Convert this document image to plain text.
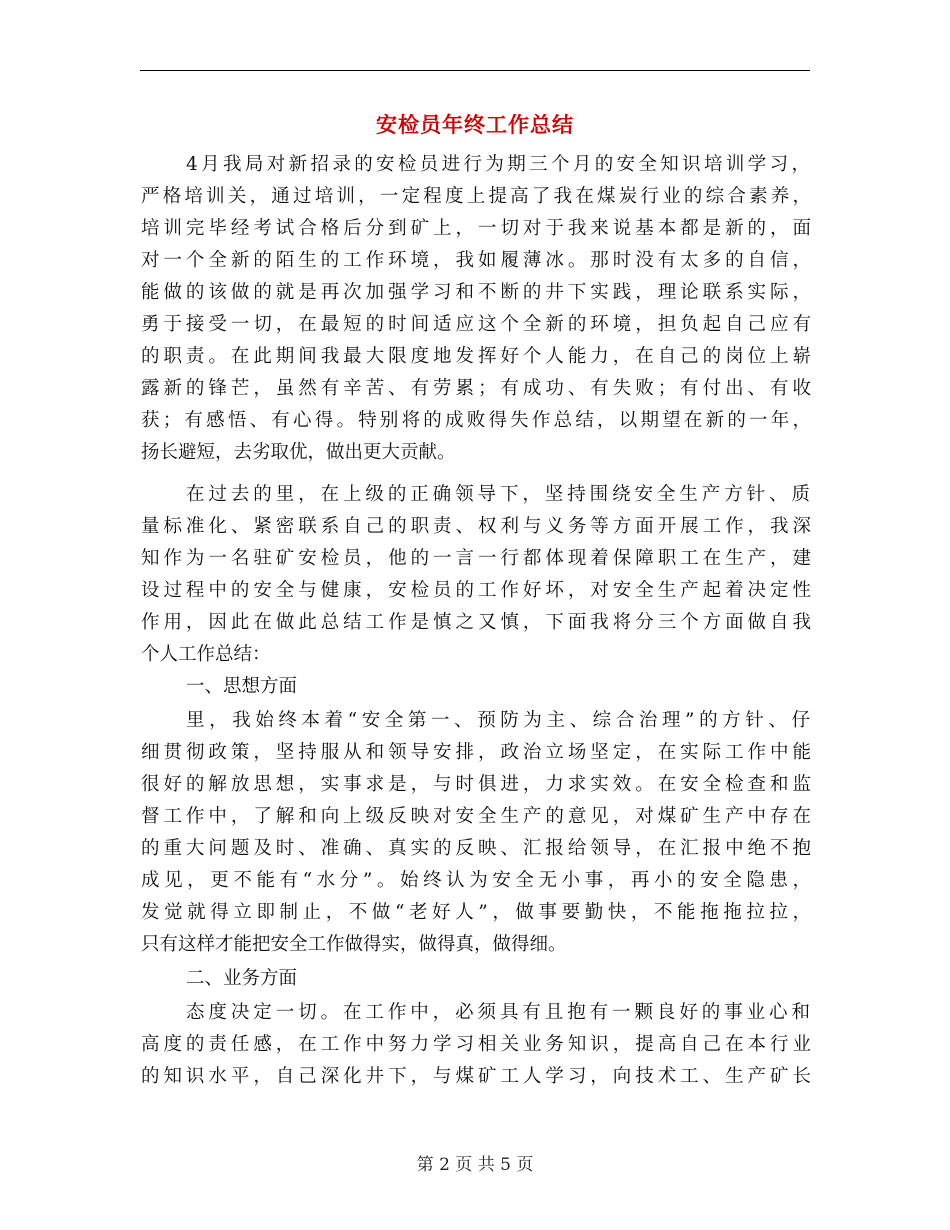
安检员年终工作总结
4月我局对新招录的安检员进行为期三个月的安全知识培训学习，
严格培训关，通过培训，一定程度上提高了我在煤炭行业的综合素养，
培训完毕经考试合格后分到矿上，一切对于我来说基本都是新的，面
对一个全新的陌生的工作环境，我如履薄冰。那时没有太多的自信，
能做的该做的就是再次加强学习和不断的井下实践，理论联系实际，
勇于接受一切，在最短的时间适应这个全新的环境，担负起自己应有
的职责。在此期间我最大限度地发挥好个人能力，在自己的岗位上崭
露新的锋芒，虽然有辛苦、有劳累；有成功、有失败；有付出、有收
获；有感悟、有心得。特别将的成败得失作总结，以期望在新的一年，
扬长避短，去劣取优，做出更大贡献。
在过去的里，在上级的正确领导下，坚持围绕安全生产方针、质
量标准化、紧密联系自己的职责、权利与义务等方面开展工作，我深
知作为一名驻矿安检员，他的一言一行都体现着保障职工在生产，建
设过程中的安全与健康，安检员的工作好坏，对安全生产起着决定性
作用，因此在做此总结工作是慎之又慎，下面我将分三个方面做自我
个人工作总结：
一、思想方面
里，我始终本着“安全第一、预防为主、综合治理”的方针、仔
细贯彻政策，坚持服从和领导安排，政治立场坚定，在实际工作中能
很好的解放思想，实事求是，与时俱进，力求实效。在安全检查和监
督工作中，了解和向上级反映对安全生产的意见，对煤矿生产中存在
的重大问题及时、准确、真实的反映、汇报给领导，在汇报中绝不抱
成见，更不能有“水分”。始终认为安全无小事，再小的安全隐患，
发觉就得立即制止，不做“老好人”，做事要勤快，不能拖拖拉拉，
只有这样才能把安全工作做得实，做得真，做得细。
二、业务方面
态度决定一切。在工作中，必须具有且抱有一颗良好的事业心和
高度的责任感，在工作中努力学习相关业务知识，提高自己在本行业
的知识水平，自己深化井下，与煤矿工人学习，向技术工、生产矿长
第 2 页 共 5 页
